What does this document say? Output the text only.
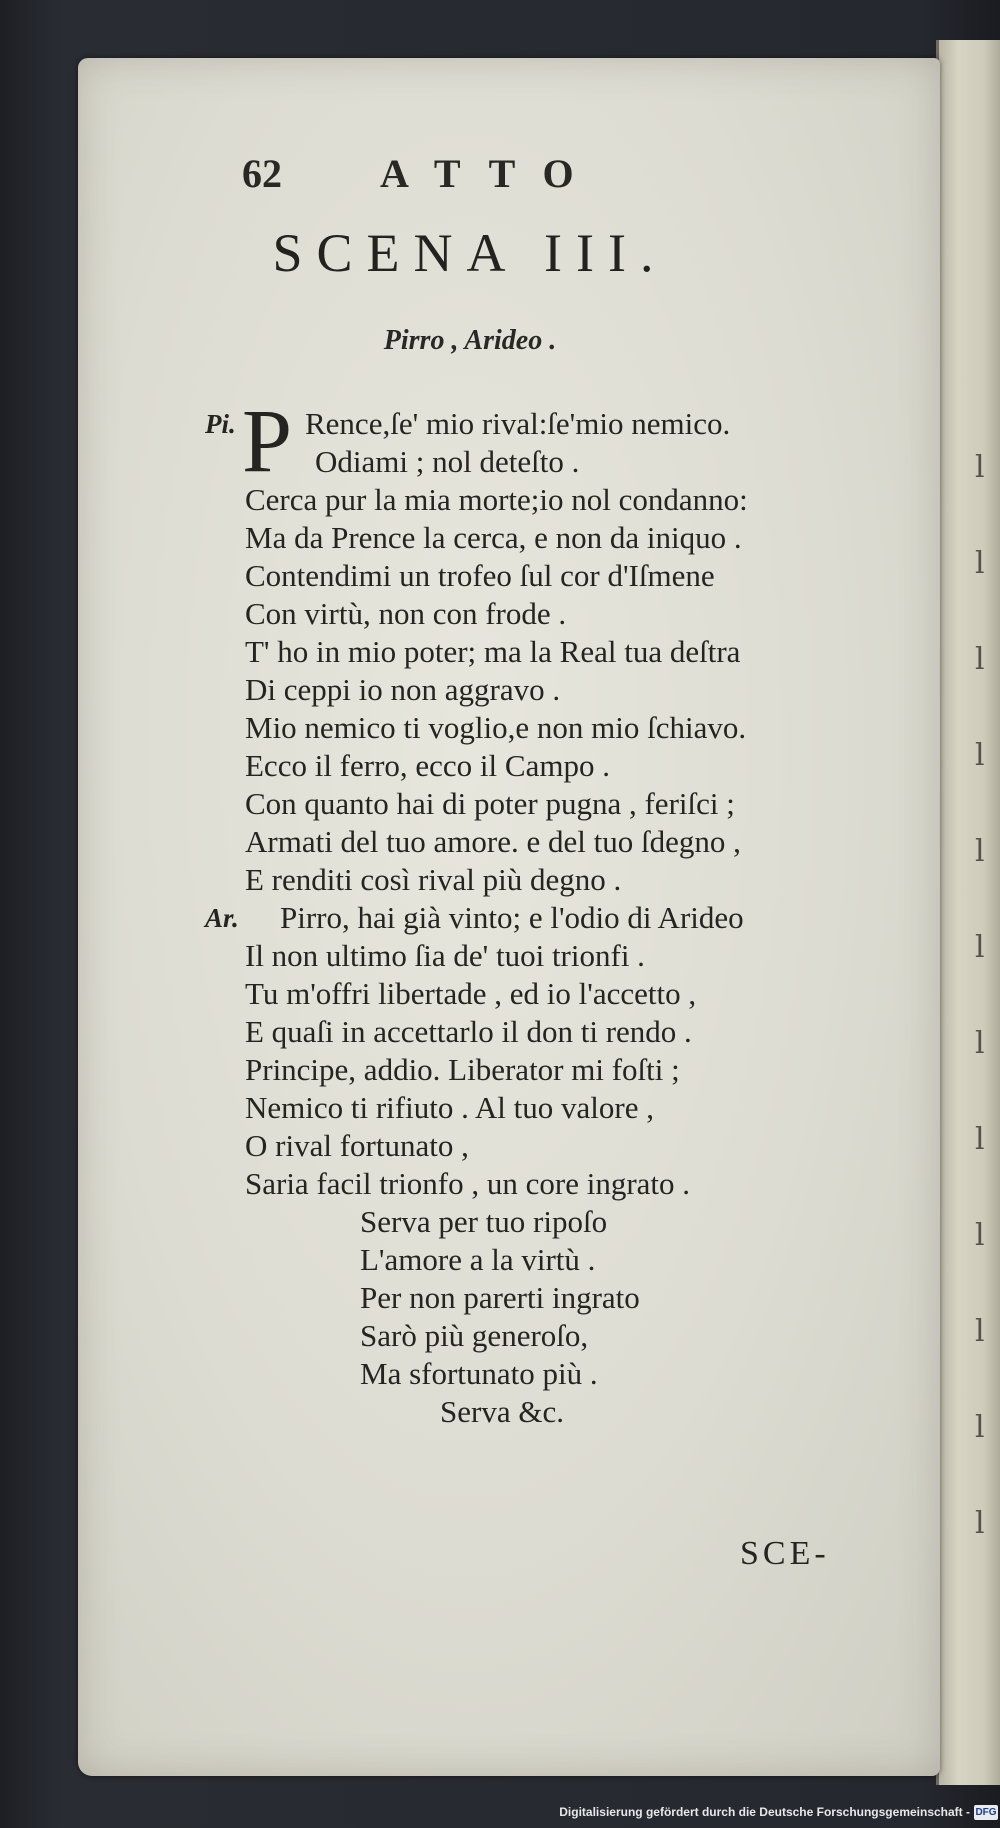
l l l l l l l l l l l l

62 ATTO
SCENA III.
Pirro , Arideo .
Pi. P Rence,ſe' mio rival:ſe'mio nemico.
Odiami ; nol deteſto .
Cerca pur la mia morte;io nol condanno:
Ma da Prence la cerca, e non da iniquo .
Contendimi un trofeo ſul cor d'Iſmene
Con virtù, non con frode .
T' ho in mio poter; ma la Real tua deſtra
Di ceppi io non aggravo .
Mio nemico ti voglio,e non mio ſchiavo.
Ecco il ferro, ecco il Campo .
Con quanto hai di poter pugna , feriſci ;
Armati del tuo amore. e del tuo ſdegno ,
E renditi così rival più degno .
Ar. Pirro, hai già vinto; e l'odio di Arideo
Il non ultimo ſia de' tuoi trionfi .
Tu m'offri libertade , ed io l'accetto ,
E quaſi in accettarlo il don ti rendo .
Principe, addio. Liberator mi foſti ;
Nemico ti rifiuto . Al tuo valore ,
O rival fortunato ,
Saria facil trionfo , un core ingrato .
Serva per tuo ripoſo
L'amore a la virtù .
Per non parerti ingrato
Sarò più generoſo,
Ma sfortunato più .
Serva &c.
SCE-
Digitalisierung gefördert durch die Deutsche Forschungsgemeinschaft - DFG
